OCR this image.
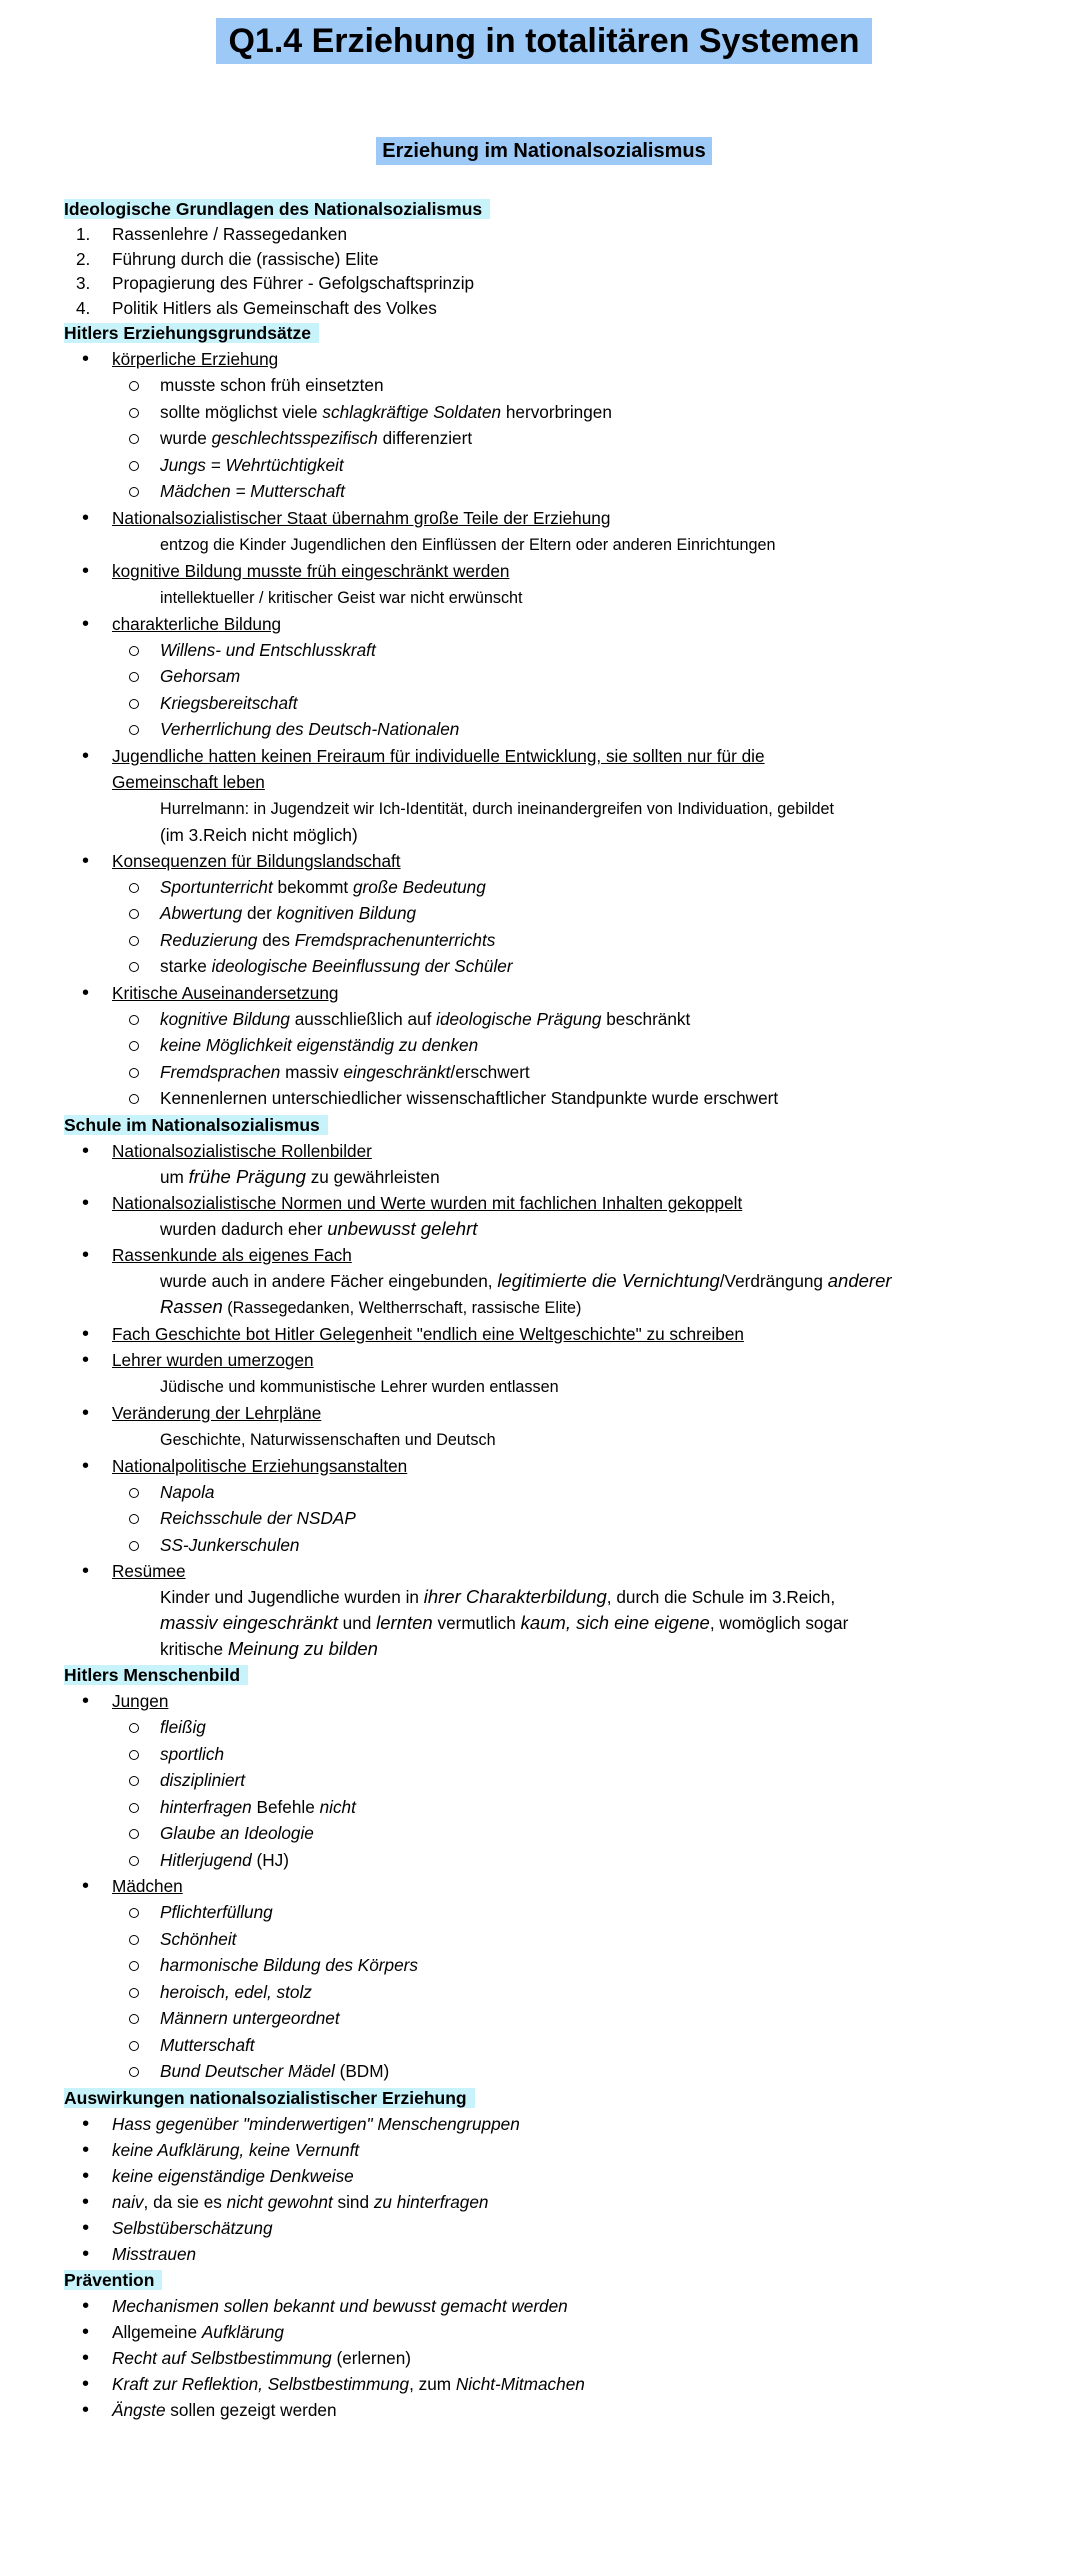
Q1.4 Erziehung in totalitären Systemen
Erziehung im Nationalsozialismus
Ideologische Grundlagen des Nationalsozialismus
1. Rassenlehre / Rassegedanken
2. Führung durch die (rassische) Elite
3. Propagierung des Führer - Gefolgschaftsprinzip
4. Politik Hitlers als Gemeinschaft des Volkes
Hitlers Erziehungsgrundsätze
• körperliche Erziehung
musste schon früh einsetzten
sollte möglichst viele schlagkräftige Soldaten hervorbringen
wurde geschlechtsspezifisch differenziert
Jungs = Wehrtüchtigkeit
Mädchen = Mutterschaft
• Nationalsozialistischer Staat übernahm große Teile der Erziehung
entzog die Kinder Jugendlichen den Einflüssen der Eltern oder anderen Einrichtungen
• kognitive Bildung musste früh eingeschränkt werden
intellektueller / kritischer Geist war nicht erwünscht
• charakterliche Bildung
Willens- und Entschlusskraft
Gehorsam
Kriegsbereitschaft
Verherrlichung des Deutsch-Nationalen
• Jugendliche hatten keinen Freiraum für individuelle Entwicklung, sie sollten nur für die Gemeinschaft leben
Hurrelmann: in Jugendzeit wir Ich-Identität, durch ineinandergreifen von Individuation, gebildet (im 3.Reich nicht möglich)
• Konsequenzen für Bildungslandschaft
Sportunterricht bekommt große Bedeutung
Abwertung der kognitiven Bildung
Reduzierung des Fremdsprachenunterrichts
starke ideologische Beeinflussung der Schüler
• Kritische Auseinandersetzung
kognitive Bildung ausschließlich auf ideologische Prägung beschränkt
keine Möglichkeit eigenständig zu denken
Fremdsprachen massiv eingeschränkt/erschwert
Kennenlernen unterschiedlicher wissenschaftlicher Standpunkte wurde erschwert
Schule im Nationalsozialismus
• Nationalsozialistische Rollenbilder
um frühe Prägung zu gewährleisten
• Nationalsozialistische Normen und Werte wurden mit fachlichen Inhalten gekoppelt
wurden dadurch eher unbewusst gelehrt
• Rassenkunde als eigenes Fach
wurde auch in andere Fächer eingebunden, legitimierte die Vernichtung/Verdrängung anderer Rassen (Rassegedanken, Weltherrschaft, rassische Elite)
• Fach Geschichte bot Hitler Gelegenheit "endlich eine Weltgeschichte" zu schreiben
• Lehrer wurden umerzogen
Jüdische und kommunistische Lehrer wurden entlassen
• Veränderung der Lehrpläne
Geschichte, Naturwissenschaften und Deutsch
• Nationalpolitische Erziehungsanstalten
Napola
Reichsschule der NSDAP
SS-Junkerschulen
• Resümee
Kinder und Jugendliche wurden in ihrer Charakterbildung, durch die Schule im 3.Reich, massiv eingeschränkt und lernten vermutlich kaum, sich eine eigene, womöglich sogar kritische Meinung zu bilden
Hitlers Menschenbild
• Jungen
fleißig
sportlich
diszipliniert
hinterfragen Befehle nicht
Glaube an Ideologie
Hitlerjugend (HJ)
• Mädchen
Pflichterfüllung
Schönheit
harmonische Bildung des Körpers
heroisch, edel, stolz
Männern untergeordnet
Mutterschaft
Bund Deutscher Mädel (BDM)
Auswirkungen nationalsozialistischer Erziehung
• Hass gegenüber "minderwertigen" Menschengruppen
• keine Aufklärung, keine Vernunft
• keine eigenständige Denkweise
• naiv, da sie es nicht gewohnt sind zu hinterfragen
• Selbstüberschätzung
• Misstrauen
Prävention
• Mechanismen sollen bekannt und bewusst gemacht werden
• Allgemeine Aufklärung
• Recht auf Selbstbestimmung (erlernen)
• Kraft zur Reflektion, Selbstbestimmung, zum Nicht-Mitmachen
• Ängste sollen gezeigt werden
